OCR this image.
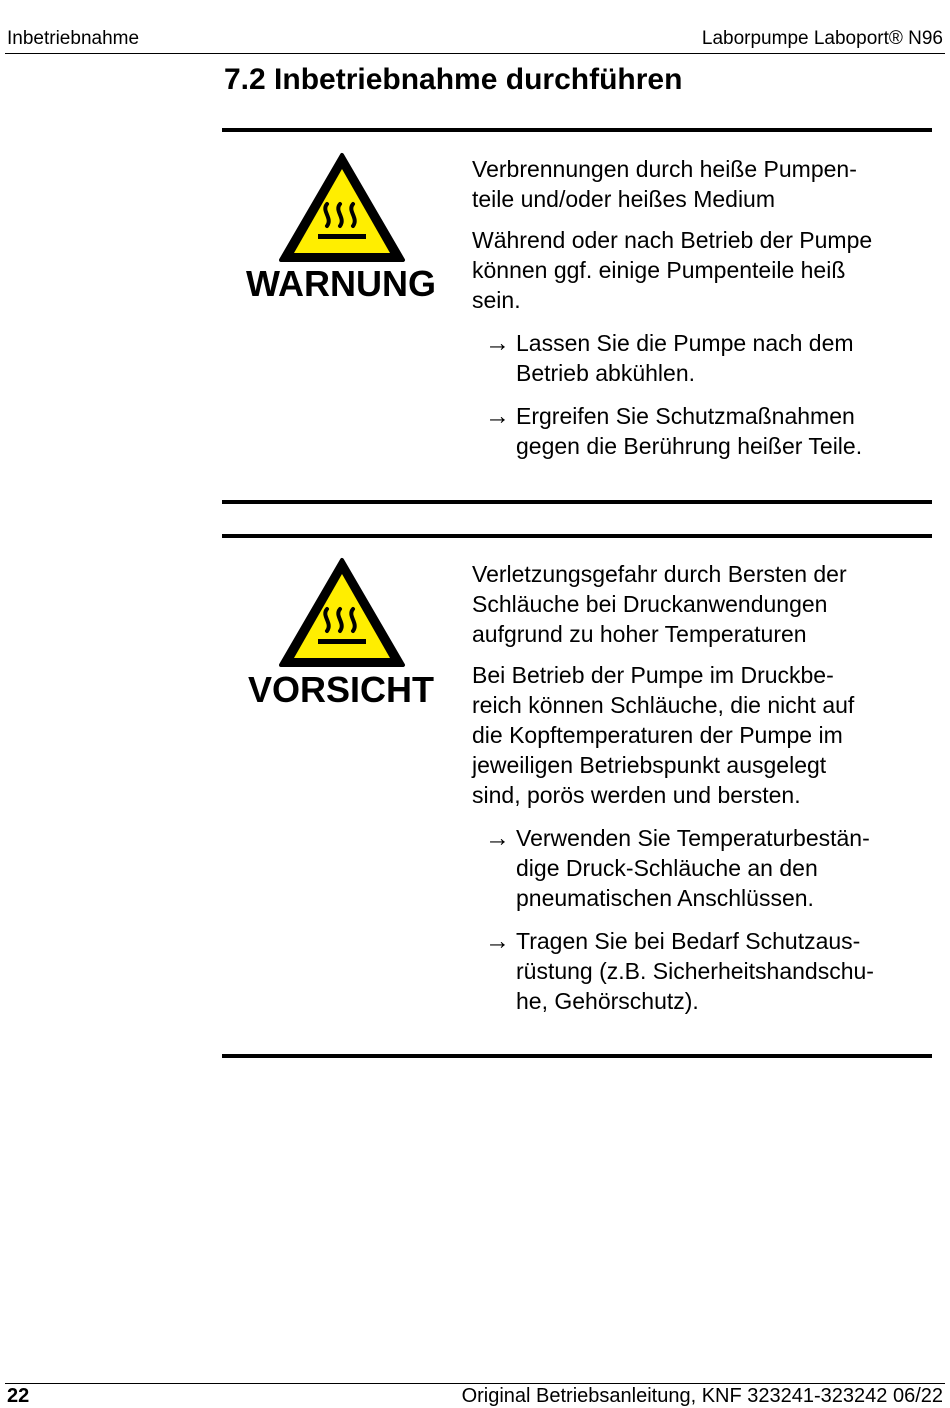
Inbetriebnahme	Laborpumpe Laboport® N96
7.2 Inbetriebnahme durchführen
WARNUNG

Verbrennungen durch heiße Pumpen-

teile und/oder heißes Medium

Während oder nach Betrieb der Pumpe

können ggf. einige Pumpenteile heiß

sein.

→ Lassen Sie die Pumpe nach dem

Betrieb abkühlen.

→ Ergreifen Sie Schutzmaßnahmen

gegen die Berührung heißer Teile.

VORSICHT

Verletzungsgefahr durch Bersten der

Schläuche bei Druckanwendungen

aufgrund zu hoher Temperaturen

Bei Betrieb der Pumpe im Druckbe-

reich können Schläuche, die nicht auf

die Kopftemperaturen der Pumpe im

jeweiligen Betriebspunkt ausgelegt

sind, porös werden und bersten.

→ Verwenden Sie Temperaturbestän-

dige Druck-Schläuche an den

pneumatischen Anschlüssen.

→ Tragen Sie bei Bedarf Schutzaus-

rüstung (z.B. Sicherheitshandschu-

he, Gehörschutz).

22	Original Betriebsanleitung, KNF 323241-323242 06/22
